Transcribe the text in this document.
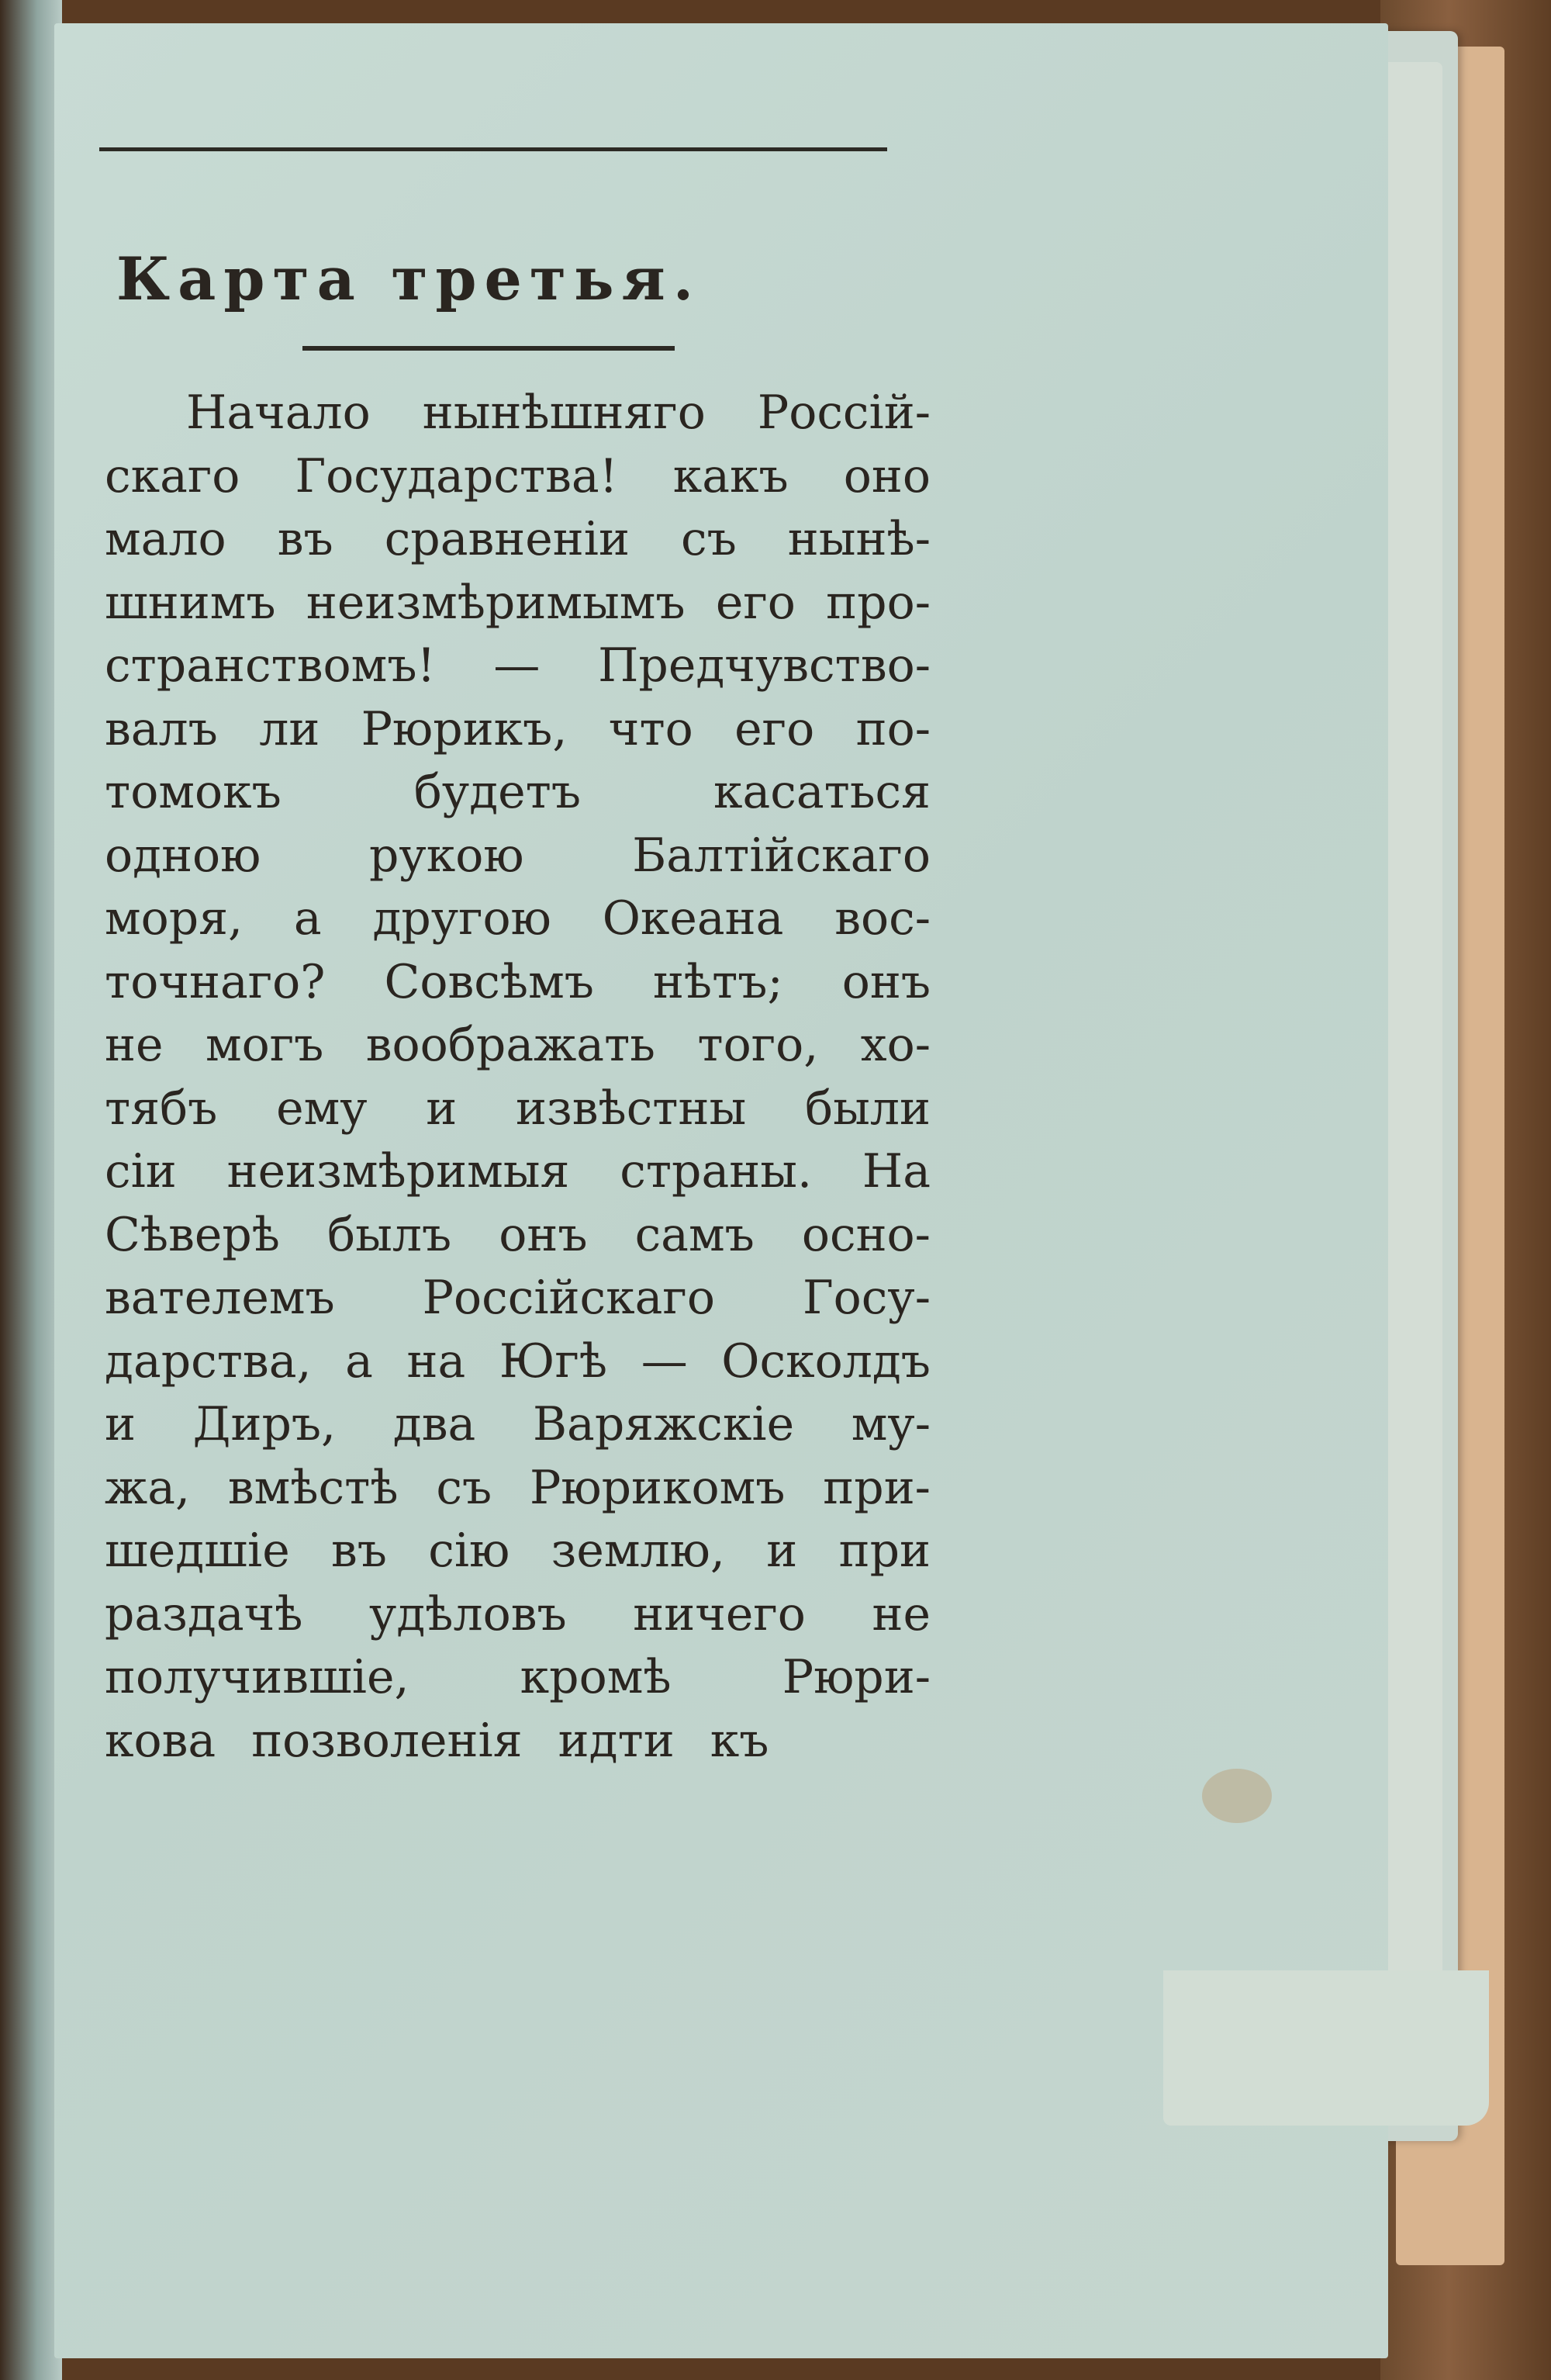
Карта третья.
Начало нынѣшняго Россій-
скаго Государства! какъ оно
мало въ сравненіи съ нынѣ-
шнимъ неизмѣримымъ его про-
странствомъ! — Предчувство-
валъ ли Рюрикъ, что его по-
томокъ	будетъ	касаться
одною рукою Балтійскаго
моря, а другою Океана вос-
точнаго? Совсѣмъ нѣтъ; онъ
не могъ воображать того, хо-
тябъ ему и извѣстны были
сіи неизмѣримыя страны. На
Сѣверѣ былъ онъ самъ осно-
вателемъ Россійскаго Госу-
дарства, а на Югѣ — Осколдъ
и Диръ, два Варяжскіе му-
жа, вмѣстѣ съ Рюрикомъ при-
шедшіе въ сію землю, и при
раздачѣ удѣловъ ничего не
получившіе, кромѣ Рюри-
кова позволенія идти къ
